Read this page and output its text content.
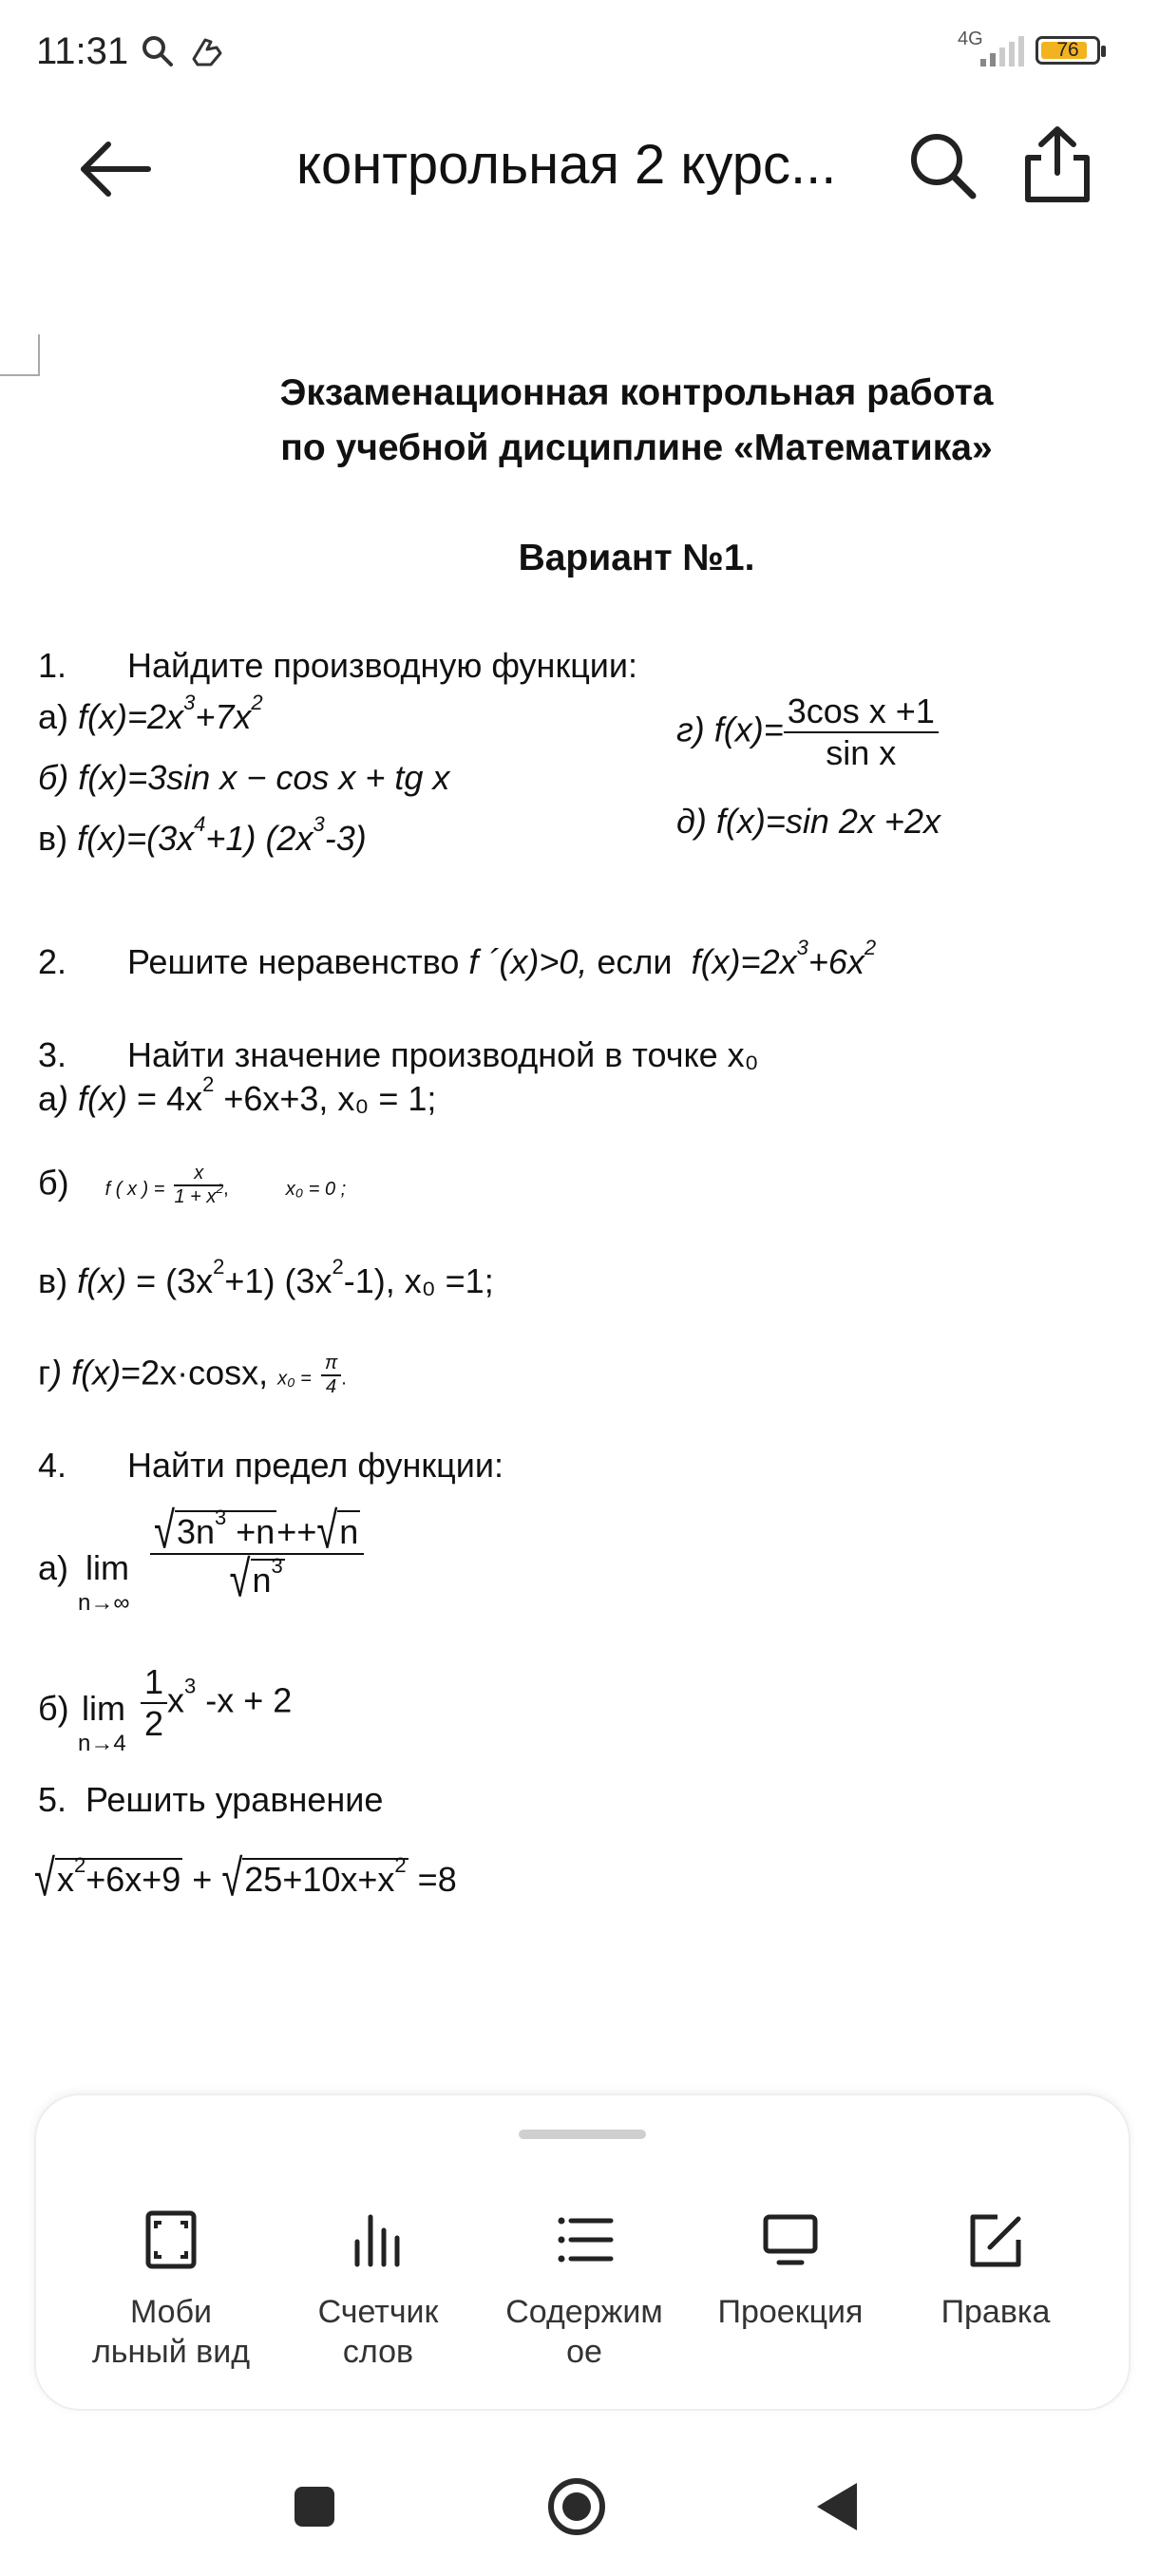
11:31	4G	76
контрольная 2 курс...
Экзаменационная контрольная работа
по учебной дисциплине «Математика»
Вариант №1.
1. Найдите производную функции:
а) $f(x)=2x^3+7x^2$
б) f(x)=3sin x − cos x + tg x
в) $f(x)=(3x^4+1)$ $(2x^3-3)$
г) $f(x)= \frac{\text{3cos x +1}}{\text{sin x}}$
д) f(x)=sin 2x +2x
2. Решите неравенство f ´(x)>0, если  $f(x)=2x^3+6x^2$
3. Найти значение производной в точке x₀
а) $f(x) = 4x^2 +6x+3$, x₀ = 1;
б) f ( x ) = $\frac{x}{1 + x^2}$ ,	x₀ = 0 ;
в) $f(x) = (3x^2+1)$ $(3x^2-1)$, x₀ =1;
г) f(x)=2x·cosx, $x_0 = \frac{\pi}{4}$ .
4. Найти предел функции:
а) lim
n→∞
$\frac{√3n^3 +n++√n}{√n^3}$
б) lim
$n\to 4 \frac{1}{2} x^3$ -x + 2
5. Решить уравнение
$√x^2+6x+9 + √25+10x+x^2 =8$
Моби
льный вид
Счетчик
слов
Содержим
ое
Проекция	Правка
